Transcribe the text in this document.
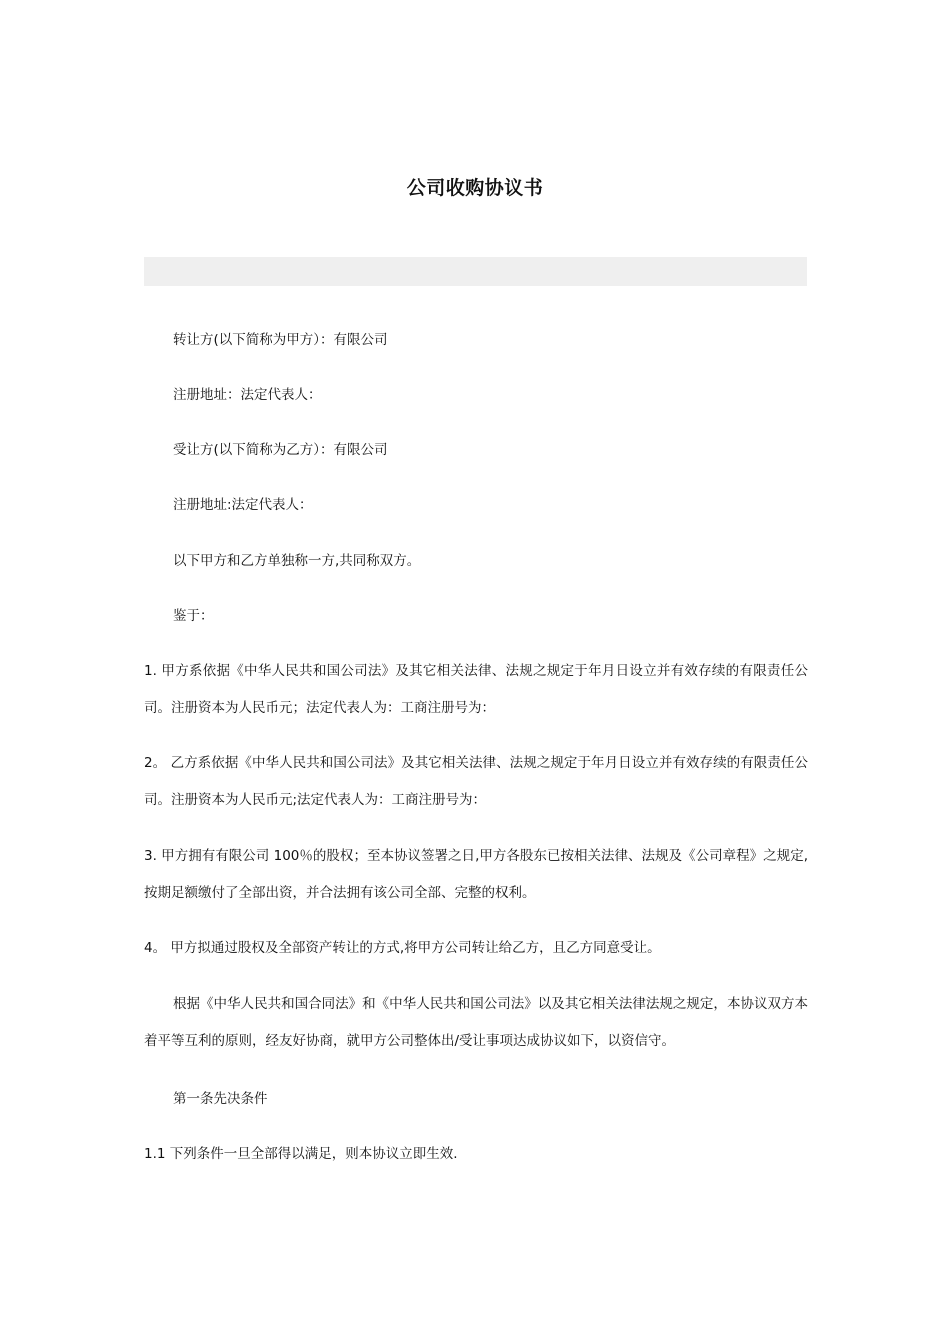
公司收购协议书
转让方(以下简称为甲方）：有限公司
注册地址：法定代表人：
受让方(以下简称为乙方）：有限公司
注册地址:法定代表人：
以下甲方和乙方单独称一方,共同称双方。
鉴于：
1. 甲方系依据《中华人民共和国公司法》及其它相关法律、法规之规定于年月日设立并有效存续的有限责任公司。注册资本为人民币元；法定代表人为：工商注册号为：
2。 乙方系依据《中华人民共和国公司法》及其它相关法律、法规之规定于年月日设立并有效存续的有限责任公司。注册资本为人民币元;法定代表人为：工商注册号为：
3. 甲方拥有有限公司 100％的股权；至本协议签署之日,甲方各股东已按相关法律、法规及《公司章程》之规定,按期足额缴付了全部出资，并合法拥有该公司全部、完整的权利。
4。 甲方拟通过股权及全部资产转让的方式,将甲方公司转让给乙方，且乙方同意受让。
根据《中华人民共和国合同法》和《中华人民共和国公司法》以及其它相关法律法规之规定，本协议双方本着平等互利的原则，经友好协商，就甲方公司整体出/受让事项达成协议如下，以资信守。
第一条先决条件
1.1 下列条件一旦全部得以满足，则本协议立即生效.
